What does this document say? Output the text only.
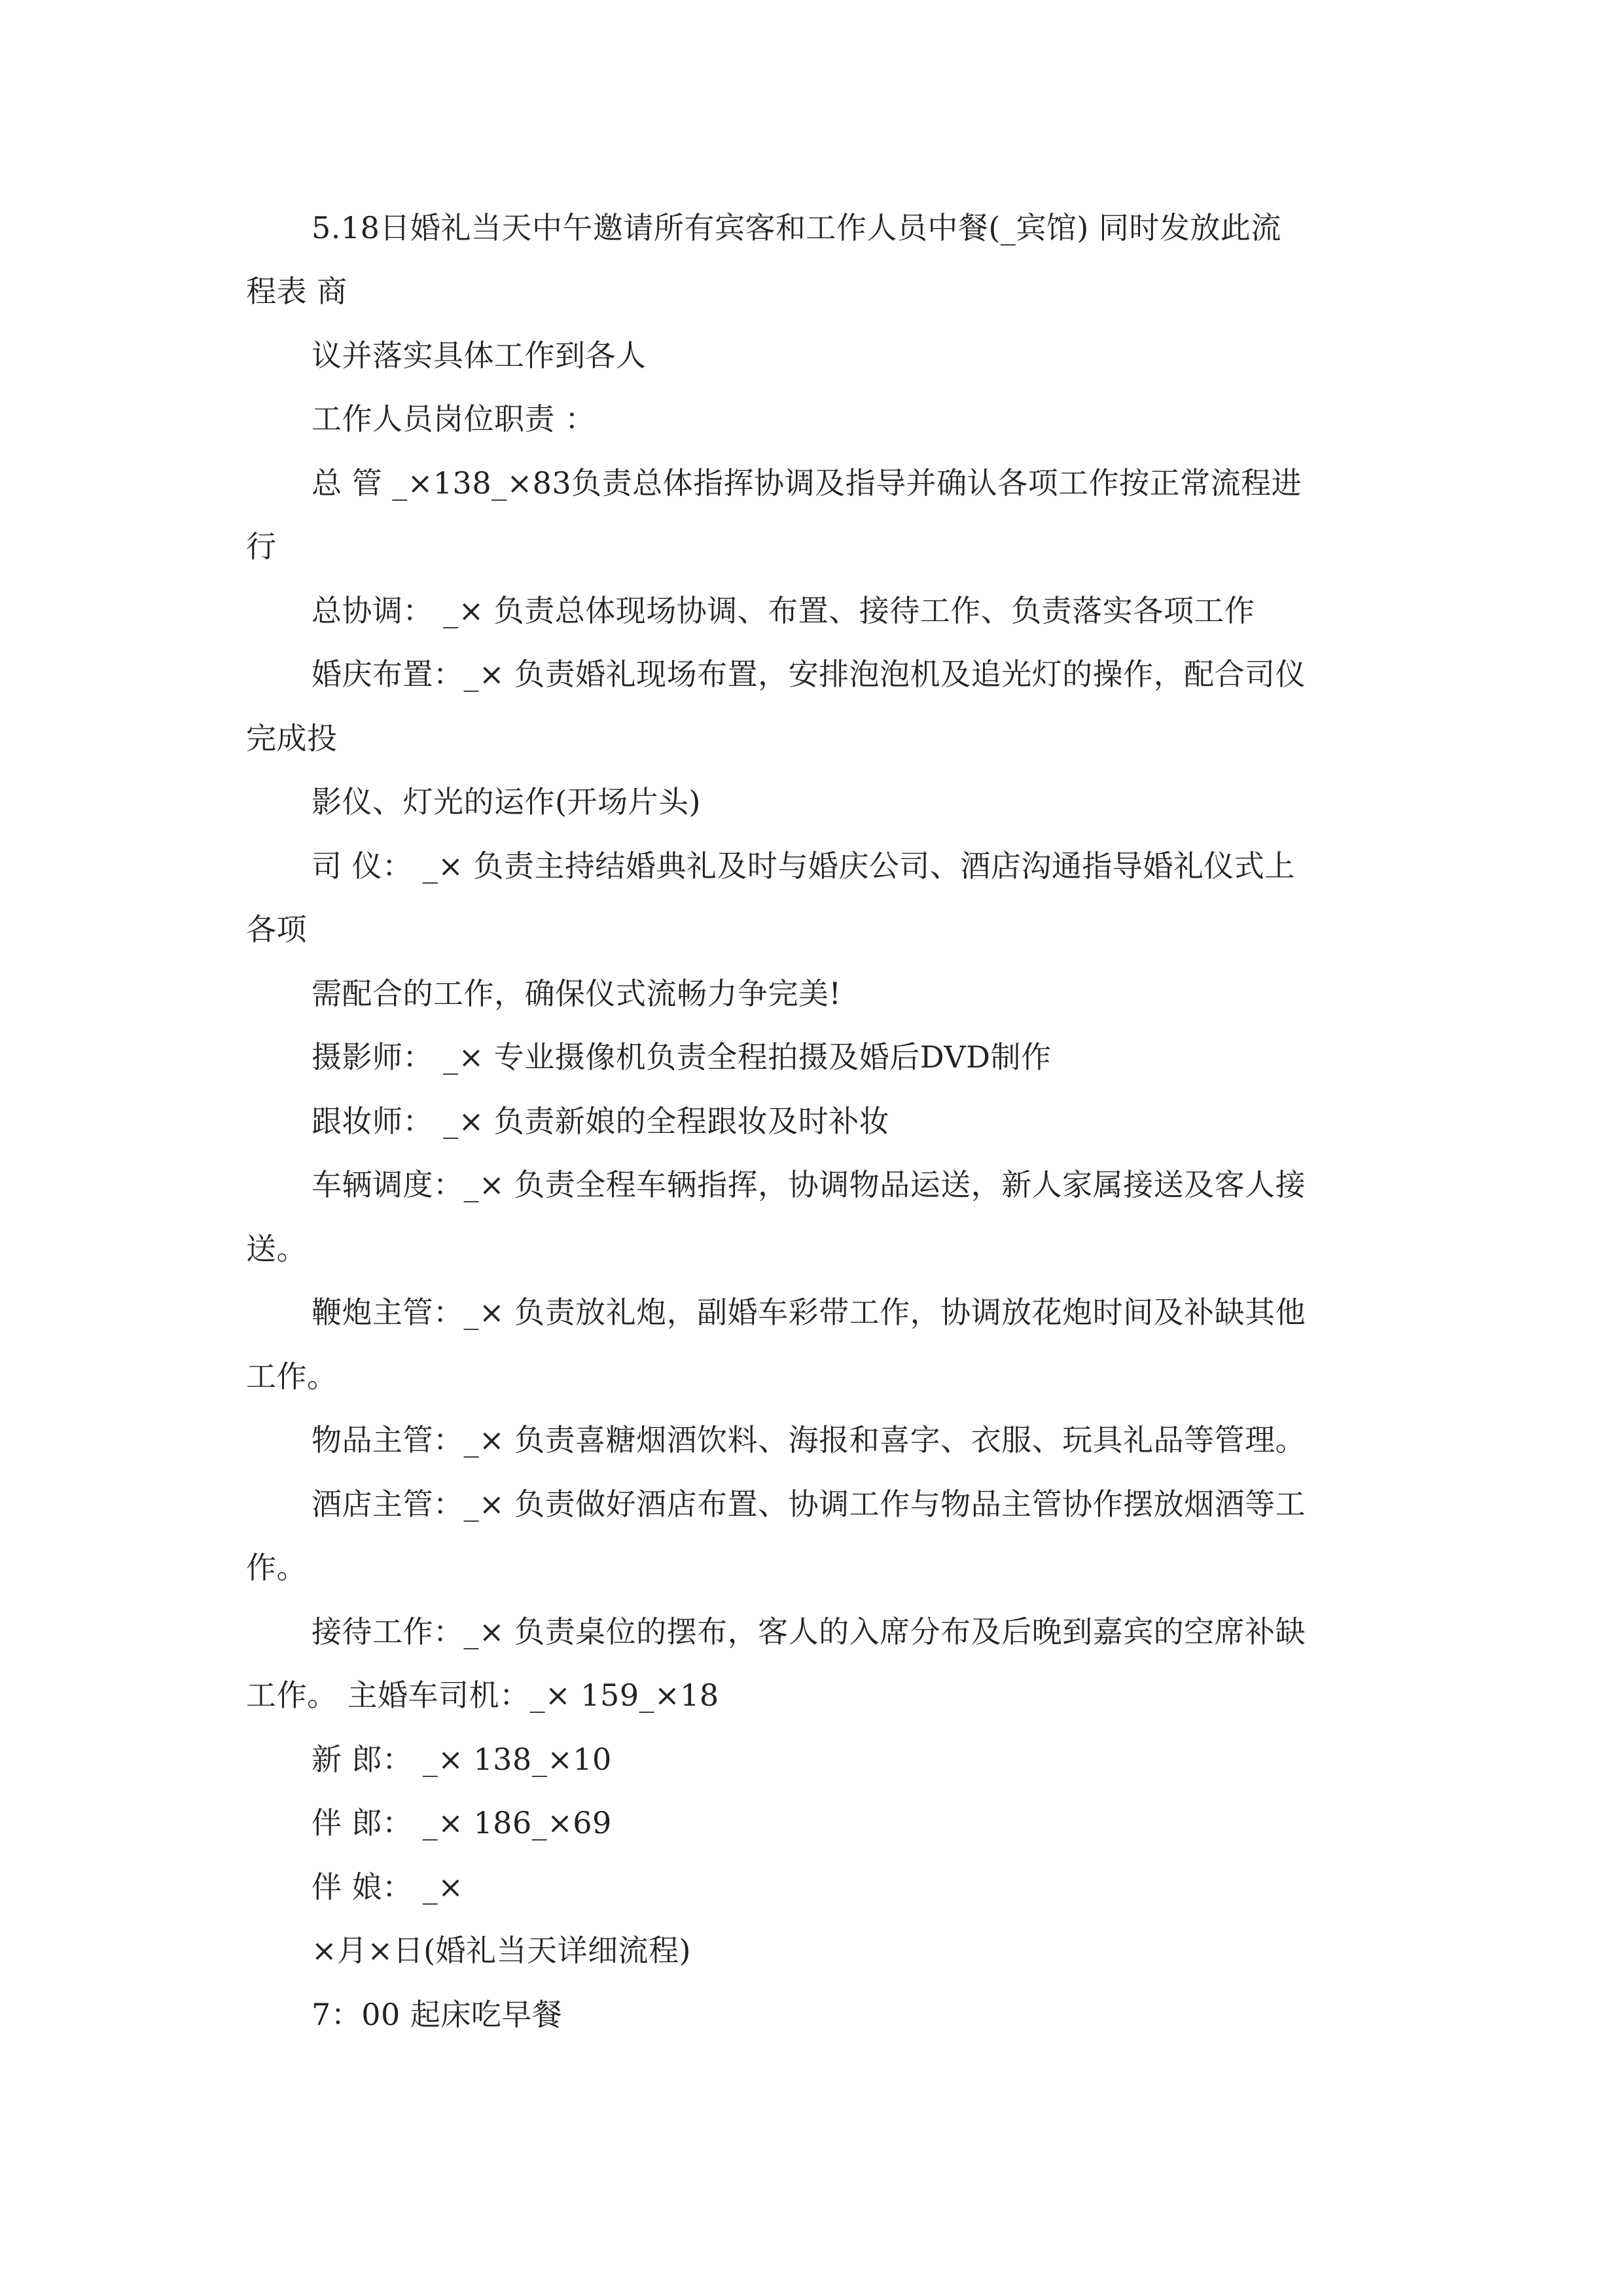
5.18日婚礼当天中午邀请所有宾客和工作人员中餐(_宾馆) 同时发放此流
程表 商
议并落实具体工作到各人
工作人员岗位职责 ：
总 管 _×138_×83负责总体指挥协调及指导并确认各项工作按正常流程进
行
总协调： _× 负责总体现场协调、布置、接待工作、负责落实各项工作
婚庆布置：_× 负责婚礼现场布置，安排泡泡机及追光灯的操作，配合司仪
完成投
影仪、灯光的运作(开场片头)
司 仪： _× 负责主持结婚典礼及时与婚庆公司、酒店沟通指导婚礼仪式上
各项
需配合的工作，确保仪式流畅力争完美!
摄影师： _× 专业摄像机负责全程拍摄及婚后DVD制作
跟妆师： _× 负责新娘的全程跟妆及时补妆
车辆调度：_× 负责全程车辆指挥，协调物品运送，新人家属接送及客人接
送。
鞭炮主管：_× 负责放礼炮，副婚车彩带工作，协调放花炮时间及补缺其他
工作。
物品主管：_× 负责喜糖烟酒饮料、海报和喜字、衣服、玩具礼品等管理。
酒店主管：_× 负责做好酒店布置、协调工作与物品主管协作摆放烟酒等工
作。
接待工作：_× 负责桌位的摆布，客人的入席分布及后晚到嘉宾的空席补缺
工作。 主婚车司机：_× 159_×18
新 郎： _× 138_×10
伴 郎： _× 186_×69
伴 娘： _×
×月×日(婚礼当天详细流程)
7：00 起床吃早餐
